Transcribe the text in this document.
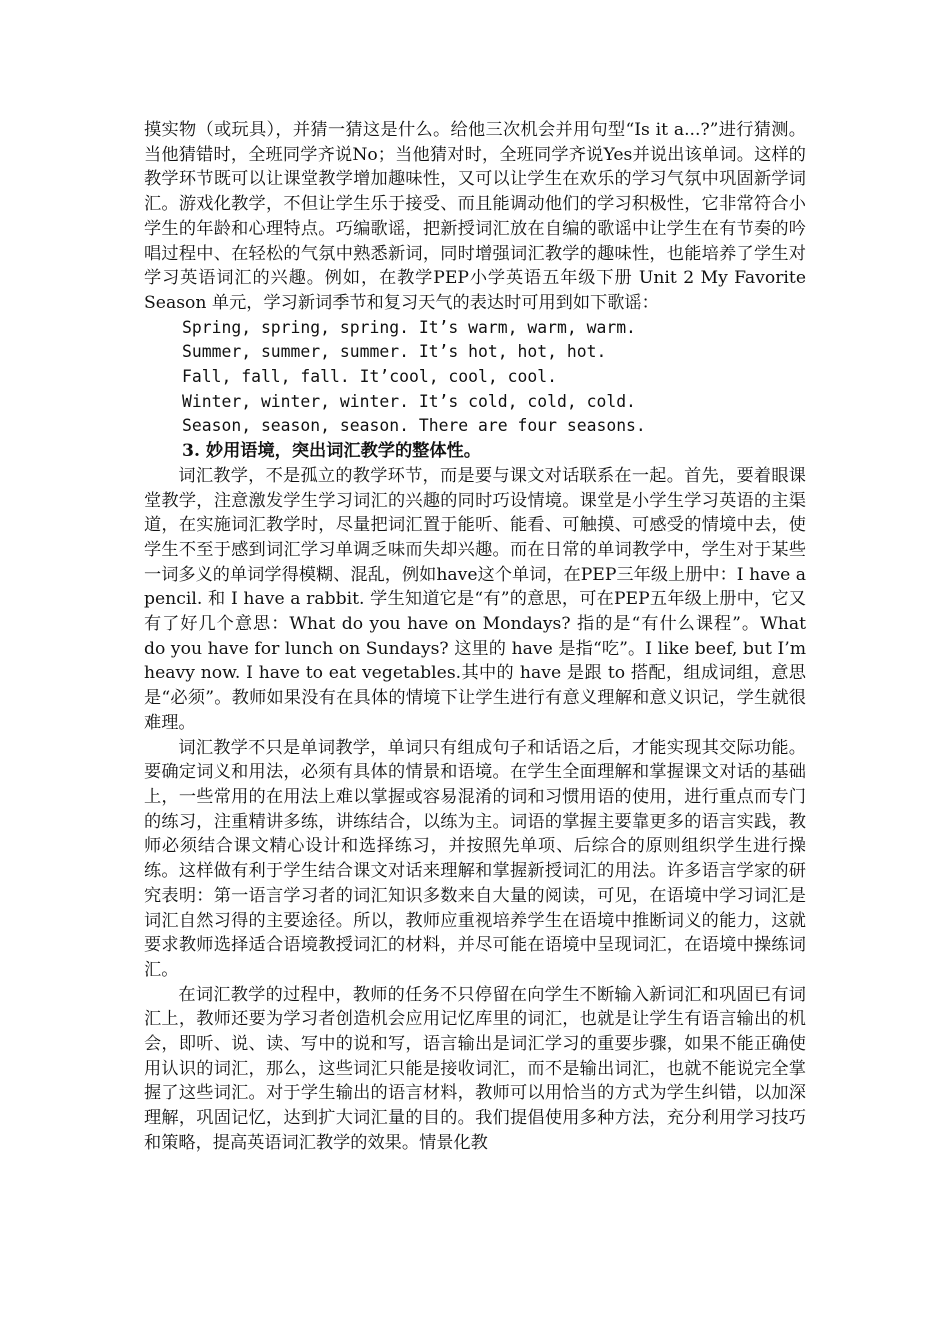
摸实物（或玩具），并猜一猜这是什么。给他三次机会并用句型“Is it a...?”进行猜测。当他猜错时，全班同学齐说No；当他猜对时，全班同学齐说Yes并说出该单词。这样的教学环节既可以让课堂教学增加趣味性，又可以让学生在欢乐的学习气氛中巩固新学词汇。游戏化教学，不但让学生乐于接受、而且能调动他们的学习积极性，它非常符合小学生的年龄和心理特点。巧编歌谣，把新授词汇放在自编的歌谣中让学生在有节奏的吟唱过程中、在轻松的气氛中熟悉新词，同时增强词汇教学的趣味性，也能培养了学生对学习英语词汇的兴趣。例如，在教学PEP小学英语五年级下册 Unit 2 My Favorite Season 单元，学习新词季节和复习天气的表达时可用到如下歌谣：

Spring, spring, spring. It’s warm, warm, warm.

Summer, summer, summer. It’s hot, hot, hot.

Fall, fall, fall. It’cool, cool, cool.

Winter, winter, winter. It’s cold, cold, cold.

Season, season, season. There are four seasons.

3. 妙用语境，突出词汇教学的整体性。

词汇教学，不是孤立的教学环节，而是要与课文对话联系在一起。首先，要着眼课堂教学，注意激发学生学习词汇的兴趣的同时巧设情境。课堂是小学生学习英语的主渠道，在实施词汇教学时，尽量把词汇置于能听、能看、可触摸、可感受的情境中去，使学生不至于感到词汇学习单调乏味而失却兴趣。而在日常的单词教学中，学生对于某些一词多义的单词学得模糊、混乱，例如have这个单词，在PEP三年级上册中：I have a pencil. 和 I have a rabbit. 学生知道它是“有”的意思，可在PEP五年级上册中，它又有了好几个意思：What do you have on Mondays? 指的是“有什么课程”。What do you have for lunch on Sundays? 这里的 have 是指“吃”。I like beef, but I’m heavy now. I have to eat vegetables.其中的 have 是跟 to 搭配，组成词组，意思是“必须”。教师如果没有在具体的情境下让学生进行有意义理解和意义识记，学生就很难理。

词汇教学不只是单词教学，单词只有组成句子和话语之后，才能实现其交际功能。要确定词义和用法，必须有具体的情景和语境。在学生全面理解和掌握课文对话的基础上，一些常用的在用法上难以掌握或容易混淆的词和习惯用语的使用，进行重点而专门的练习，注重精讲多练，讲练结合，以练为主。词语的掌握主要靠更多的语言实践，教师必须结合课文精心设计和选择练习，并按照先单项、后综合的原则组织学生进行操练。这样做有利于学生结合课文对话来理解和掌握新授词汇的用法。许多语言学家的研究表明：第一语言学习者的词汇知识多数来自大量的阅读，可见，在语境中学习词汇是词汇自然习得的主要途径。所以，教师应重视培养学生在语境中推断词义的能力，这就要求教师选择适合语境教授词汇的材料，并尽可能在语境中呈现词汇，在语境中操练词汇。

在词汇教学的过程中，教师的任务不只停留在向学生不断输入新词汇和巩固已有词汇上，教师还要为学习者创造机会应用记忆库里的词汇，也就是让学生有语言输出的机会，即听、说、读、写中的说和写，语言输出是词汇学习的重要步骤，如果不能正确使用认识的词汇，那么，这些词汇只能是接收词汇，而不是输出词汇，也就不能说完全掌握了这些词汇。对于学生输出的语言材料，教师可以用恰当的方式为学生纠错，以加深理解，巩固记忆，达到扩大词汇量的目的。我们提倡使用多种方法，充分利用学习技巧和策略，提高英语词汇教学的效果。情景化教
